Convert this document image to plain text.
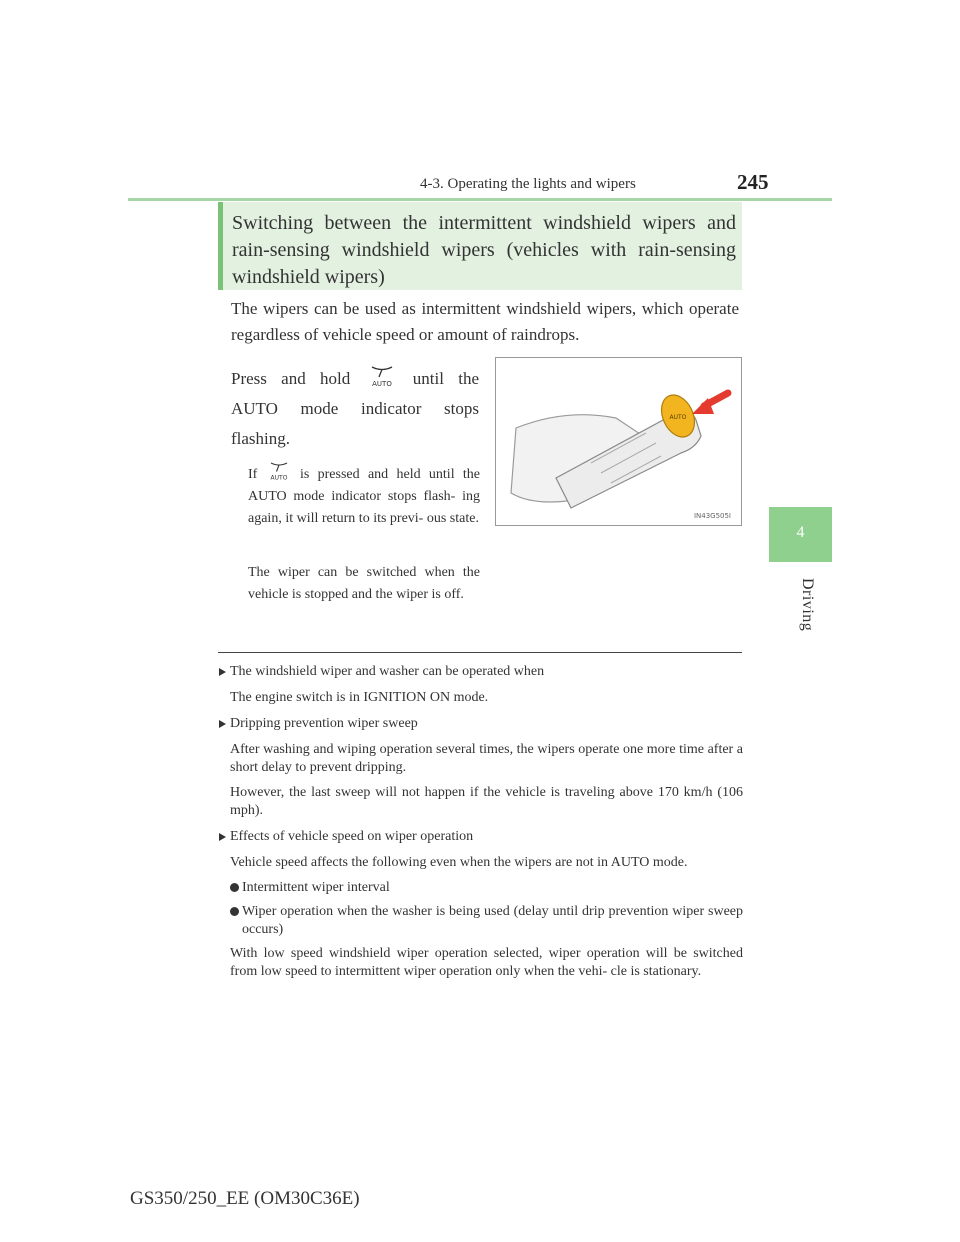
4-3. Operating the lights and wipers	245
4
Driving
Switching between the intermittent windshield wipers and rain-sensing windshield wipers (vehicles with rain-sensing windshield wipers)
The wipers can be used as intermittent windshield wipers, which operate regardless of vehicle speed or amount of raindrops.
Press and hold	AUTO until the AUTO mode indicator stops flashing.
If AUTO is pressed and held until the AUTO mode indicator stops flash- ing again, it will return to its previ- ous state.
The wiper can be switched when the vehicle is stopped and the wiper is off.
AUTO
IN43G505I
The windshield wiper and washer can be operated when
The engine switch is in IGNITION ON mode.
Dripping prevention wiper sweep
After washing and wiping operation several times, the wipers operate one more time after a short delay to prevent dripping.
However, the last sweep will not happen if the vehicle is traveling above 170 km/h (106 mph).
Effects of vehicle speed on wiper operation
Vehicle speed affects the following even when the wipers are not in AUTO mode.
Intermittent wiper interval
Wiper operation when the washer is being used (delay until drip prevention wiper sweep occurs)
With low speed windshield wiper operation selected, wiper operation will be switched from low speed to intermittent wiper operation only when the vehi- cle is stationary.
GS350/250_EE (OM30C36E)
